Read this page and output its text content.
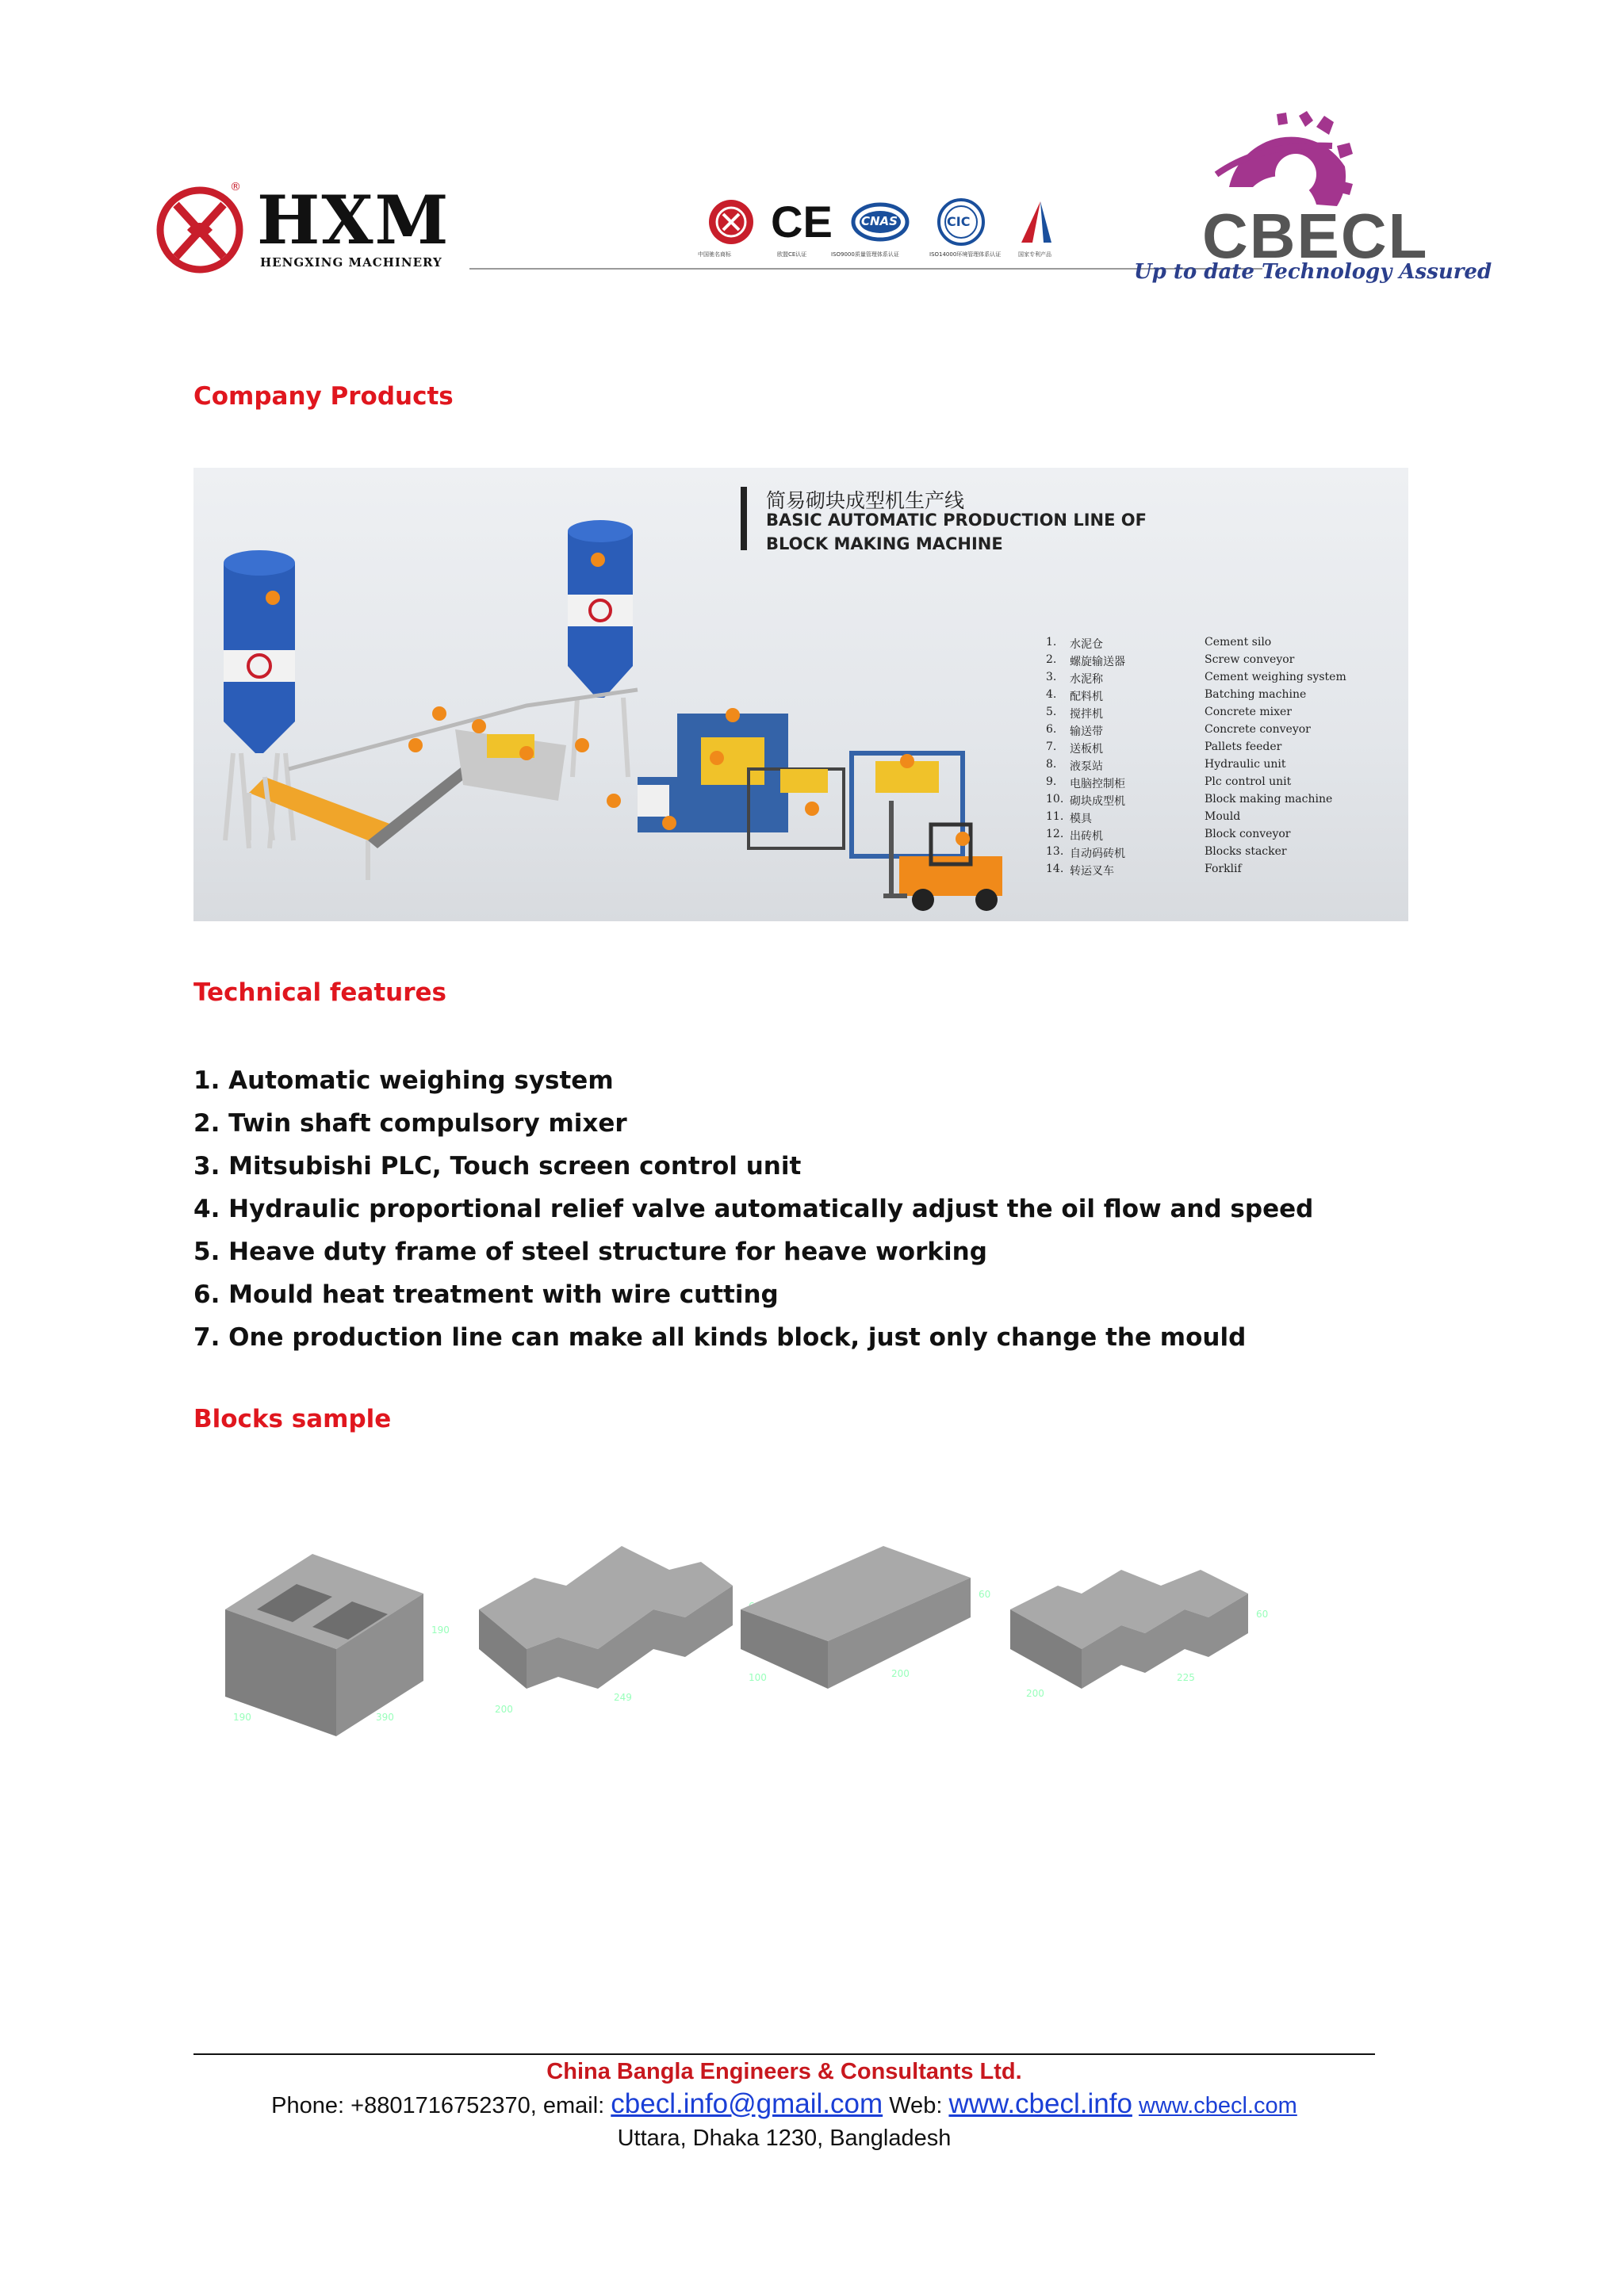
® HXM
HENGXING MACHINERY
CE CNAS	CIC
中国驰名商标	欧盟CE认证	ISO9000质量管理体系认证	ISO14000环境管理体系认证	国家专利产品 CBECL
Up to date Technology Assured
Company Products
简易砌块成型机生产线
BASIC AUTOMATIC PRODUCTION LINE OF
BLOCK MAKING MACHINE
1.	水泥仓	Cement silo
2.	螺旋输送器	Screw conveyor
3.	水泥称	Cement weighing system
4.	配料机	Batching machine
5.	搅拌机	Concrete mixer
6.	输送带	Concrete conveyor
7.	送板机	Pallets feeder
8.	液泵站	Hydraulic unit
9.	电脑控制柜	Plc control unit
10. 砌块成型机	Block making machine
11. 模具	Mould
12. 出砖机	Block conveyor
13. 自动码砖机	Blocks stacker
14. 转运叉车	Forklif
Technical features
1. Automatic weighing system
2. Twin shaft compulsory mixer
3. Mitsubishi PLC, Touch screen control unit
4. Hydraulic proportional relief valve automatically adjust the oil flow and speed
5. Heave duty frame of steel structure for heave working
6. Mould heat treatment with wire cutting
7. One production line can make all kinds block, just only change the mould
Blocks sample
390
190
190
249
200
200
100
60
225
200
60
China Bangla Engineers & Consultants Ltd.
Phone: +8801716752370, email: cbecl.info@gmail.com Web: www.cbecl.info www.cbecl.com
Uttara, Dhaka 1230, Bangladesh
